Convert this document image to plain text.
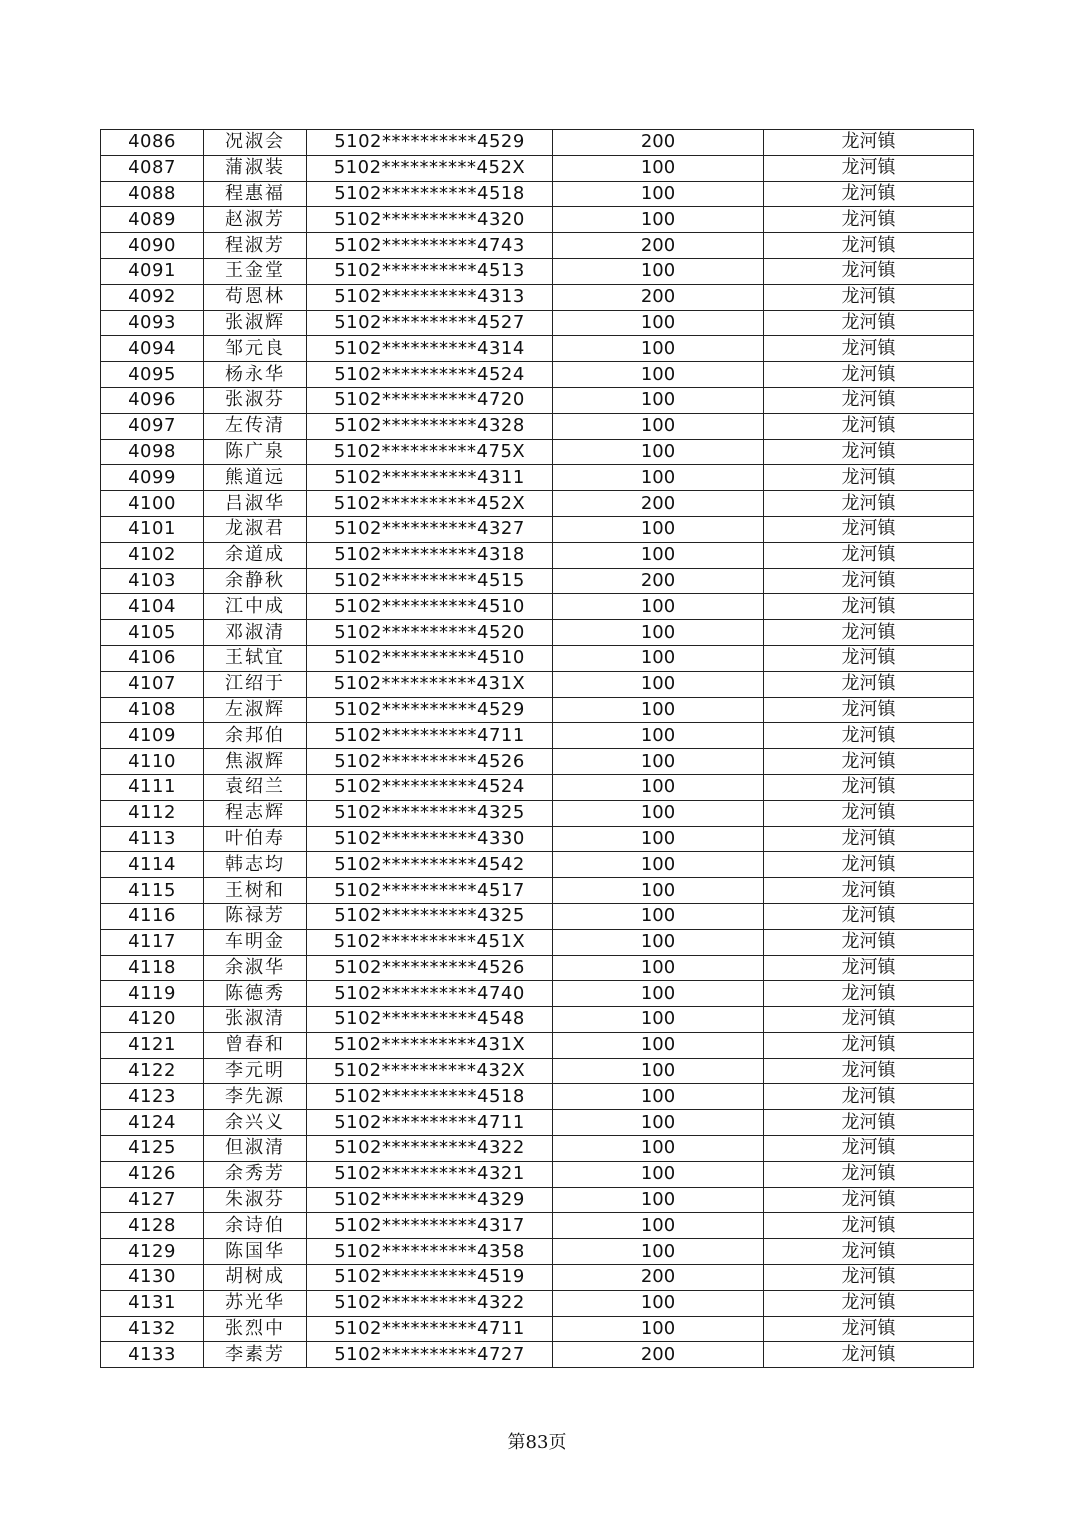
4086	况淑会	5102**********4529	200	龙河镇
4087	蒲淑装	5102**********452X	100	龙河镇
4088	程惠福	5102**********4518	100	龙河镇
4089	赵淑芳	5102**********4320	100	龙河镇
4090	程淑芳	5102**********4743	200	龙河镇
4091	王金堂	5102**********4513	100	龙河镇
4092	苟恩林	5102**********4313	200	龙河镇
4093	张淑辉	5102**********4527	100	龙河镇
4094	邹元良	5102**********4314	100	龙河镇
4095	杨永华	5102**********4524	100	龙河镇
4096	张淑芬	5102**********4720	100	龙河镇
4097	左传清	5102**********4328	100	龙河镇
4098	陈广泉	5102**********475X	100	龙河镇
4099	熊道远	5102**********4311	100	龙河镇
4100	吕淑华	5102**********452X	200	龙河镇
4101	龙淑君	5102**********4327	100	龙河镇
4102	余道成	5102**********4318	100	龙河镇
4103	余静秋	5102**********4515	200	龙河镇
4104	江中成	5102**********4510	100	龙河镇
4105	邓淑清	5102**********4520	100	龙河镇
4106	王轼宜	5102**********4510	100	龙河镇
4107	江绍于	5102**********431X	100	龙河镇
4108	左淑辉	5102**********4529	100	龙河镇
4109	余邦伯	5102**********4711	100	龙河镇
4110	焦淑辉	5102**********4526	100	龙河镇
4111	袁绍兰	5102**********4524	100	龙河镇
4112	程志辉	5102**********4325	100	龙河镇
4113	叶伯寿	5102**********4330	100	龙河镇
4114	韩志均	5102**********4542	100	龙河镇
4115	王树和	5102**********4517	100	龙河镇
4116	陈禄芳	5102**********4325	100	龙河镇
4117	车明金	5102**********451X	100	龙河镇
4118	余淑华	5102**********4526	100	龙河镇
4119	陈德秀	5102**********4740	100	龙河镇
4120	张淑清	5102**********4548	100	龙河镇
4121	曾春和	5102**********431X	100	龙河镇
4122	李元明	5102**********432X	100	龙河镇
4123	李先源	5102**********4518	100	龙河镇
4124	余兴义	5102**********4711	100	龙河镇
4125	但淑清	5102**********4322	100	龙河镇
4126	余秀芳	5102**********4321	100	龙河镇
4127	朱淑芬	5102**********4329	100	龙河镇
4128	余诗伯	5102**********4317	100	龙河镇
4129	陈国华	5102**********4358	100	龙河镇
4130	胡树成	5102**********4519	200	龙河镇
4131	苏光华	5102**********4322	100	龙河镇
4132	张烈中	5102**********4711	100	龙河镇
4133	李素芳	5102**********4727	200	龙河镇
第83页
